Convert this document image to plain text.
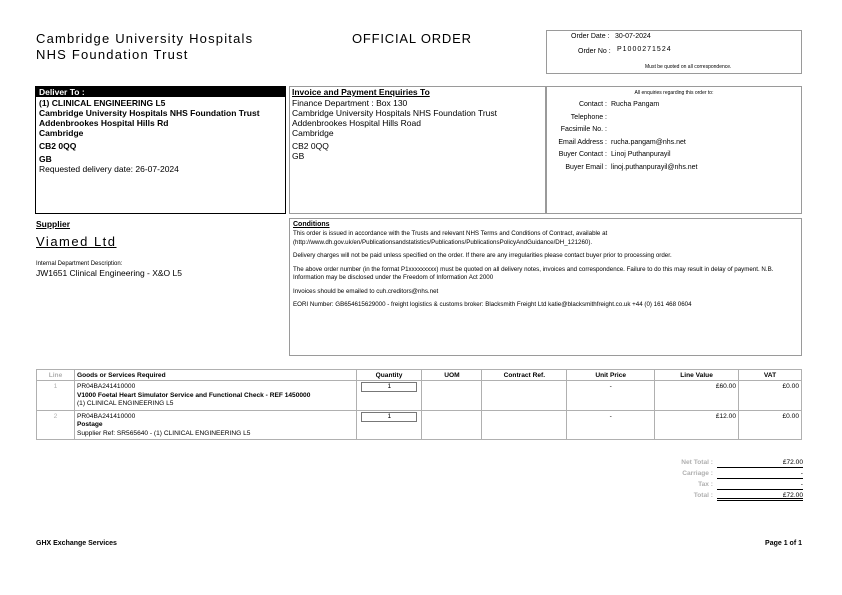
Cambridge University Hospitals
NHS Foundation Trust
OFFICIAL ORDER	Order Date : 30-07-2024
Order No : P1000271524
Must be quoted on all correspondence.
Deliver To :
(1) CLINICAL ENGINEERING L5
Cambridge University Hospitals NHS Foundation Trust
Addenbrookes Hospital Hills Rd
Cambridge
CB2 0QQ
GB
Requested delivery date: 26-07-2024
Invoice and Payment Enquiries To
Finance Department : Box 130
Cambridge University Hospitals NHS Foundation Trust
Addenbrookes Hospital Hills Road
Cambridge
CB2 0QQ
GB
All enquiries regarding this order to:
Contact : Rucha Pangam
Telephone :
Facsimile No. :
Email Address : rucha.pangam@nhs.net
Buyer Contact : Linoj Puthanpurayil
Buyer Email : linoj.puthanpurayil@nhs.net
Supplier
Viamed Ltd
Internal Department Description:
JW1651 Clinical Engineering - X&O L5
Conditions
This order is issued in accordance with the Trusts and relevant NHS Terms and Conditions of Contract, available at (http://www.dh.gov.uk/en/Publicationsandstatistics/Publications/PublicationsPolicyAndGuidance/DH_121260).
Delivery charges will not be paid unless specified on the order. If there are any irregularities please contact buyer prior to processing order.
The above order number (in the format P1xxxxxxxxx) must be quoted on all delivery notes, invoices and correspondence. Failure to do this may result in delay of payment. N.B. Information may be disclosed under the Freedom of Information Act 2000
Invoices should be emailed to cuh.creditors@nhs.net
EORI Number: GB654615629000 - freight logistics & customs broker: Blacksmith Freight Ltd katie@blacksmithfreight.co.uk +44 (0) 161 468 0604
Line	Goods or Services Required	Quantity	UOM	Contract Ref.	Unit Price	Line Value	VAT
1	PR04BA241410000
V1000 Foetal Heart Simulator Service and Functional Check - REF 1450000
(1) CLINICAL ENGINEERING L5	1			-	£60.00	£0.00
2	PR04BA241410000
Postage
Supplier Ref: SR565640 - (1) CLINICAL ENGINEERING L5	1			-	£12.00	£0.00
Net Total :	£72.00
Carriage :	-
Tax :	-
Total :	£72.00
GHX Exchange Services	Page 1 of 1
